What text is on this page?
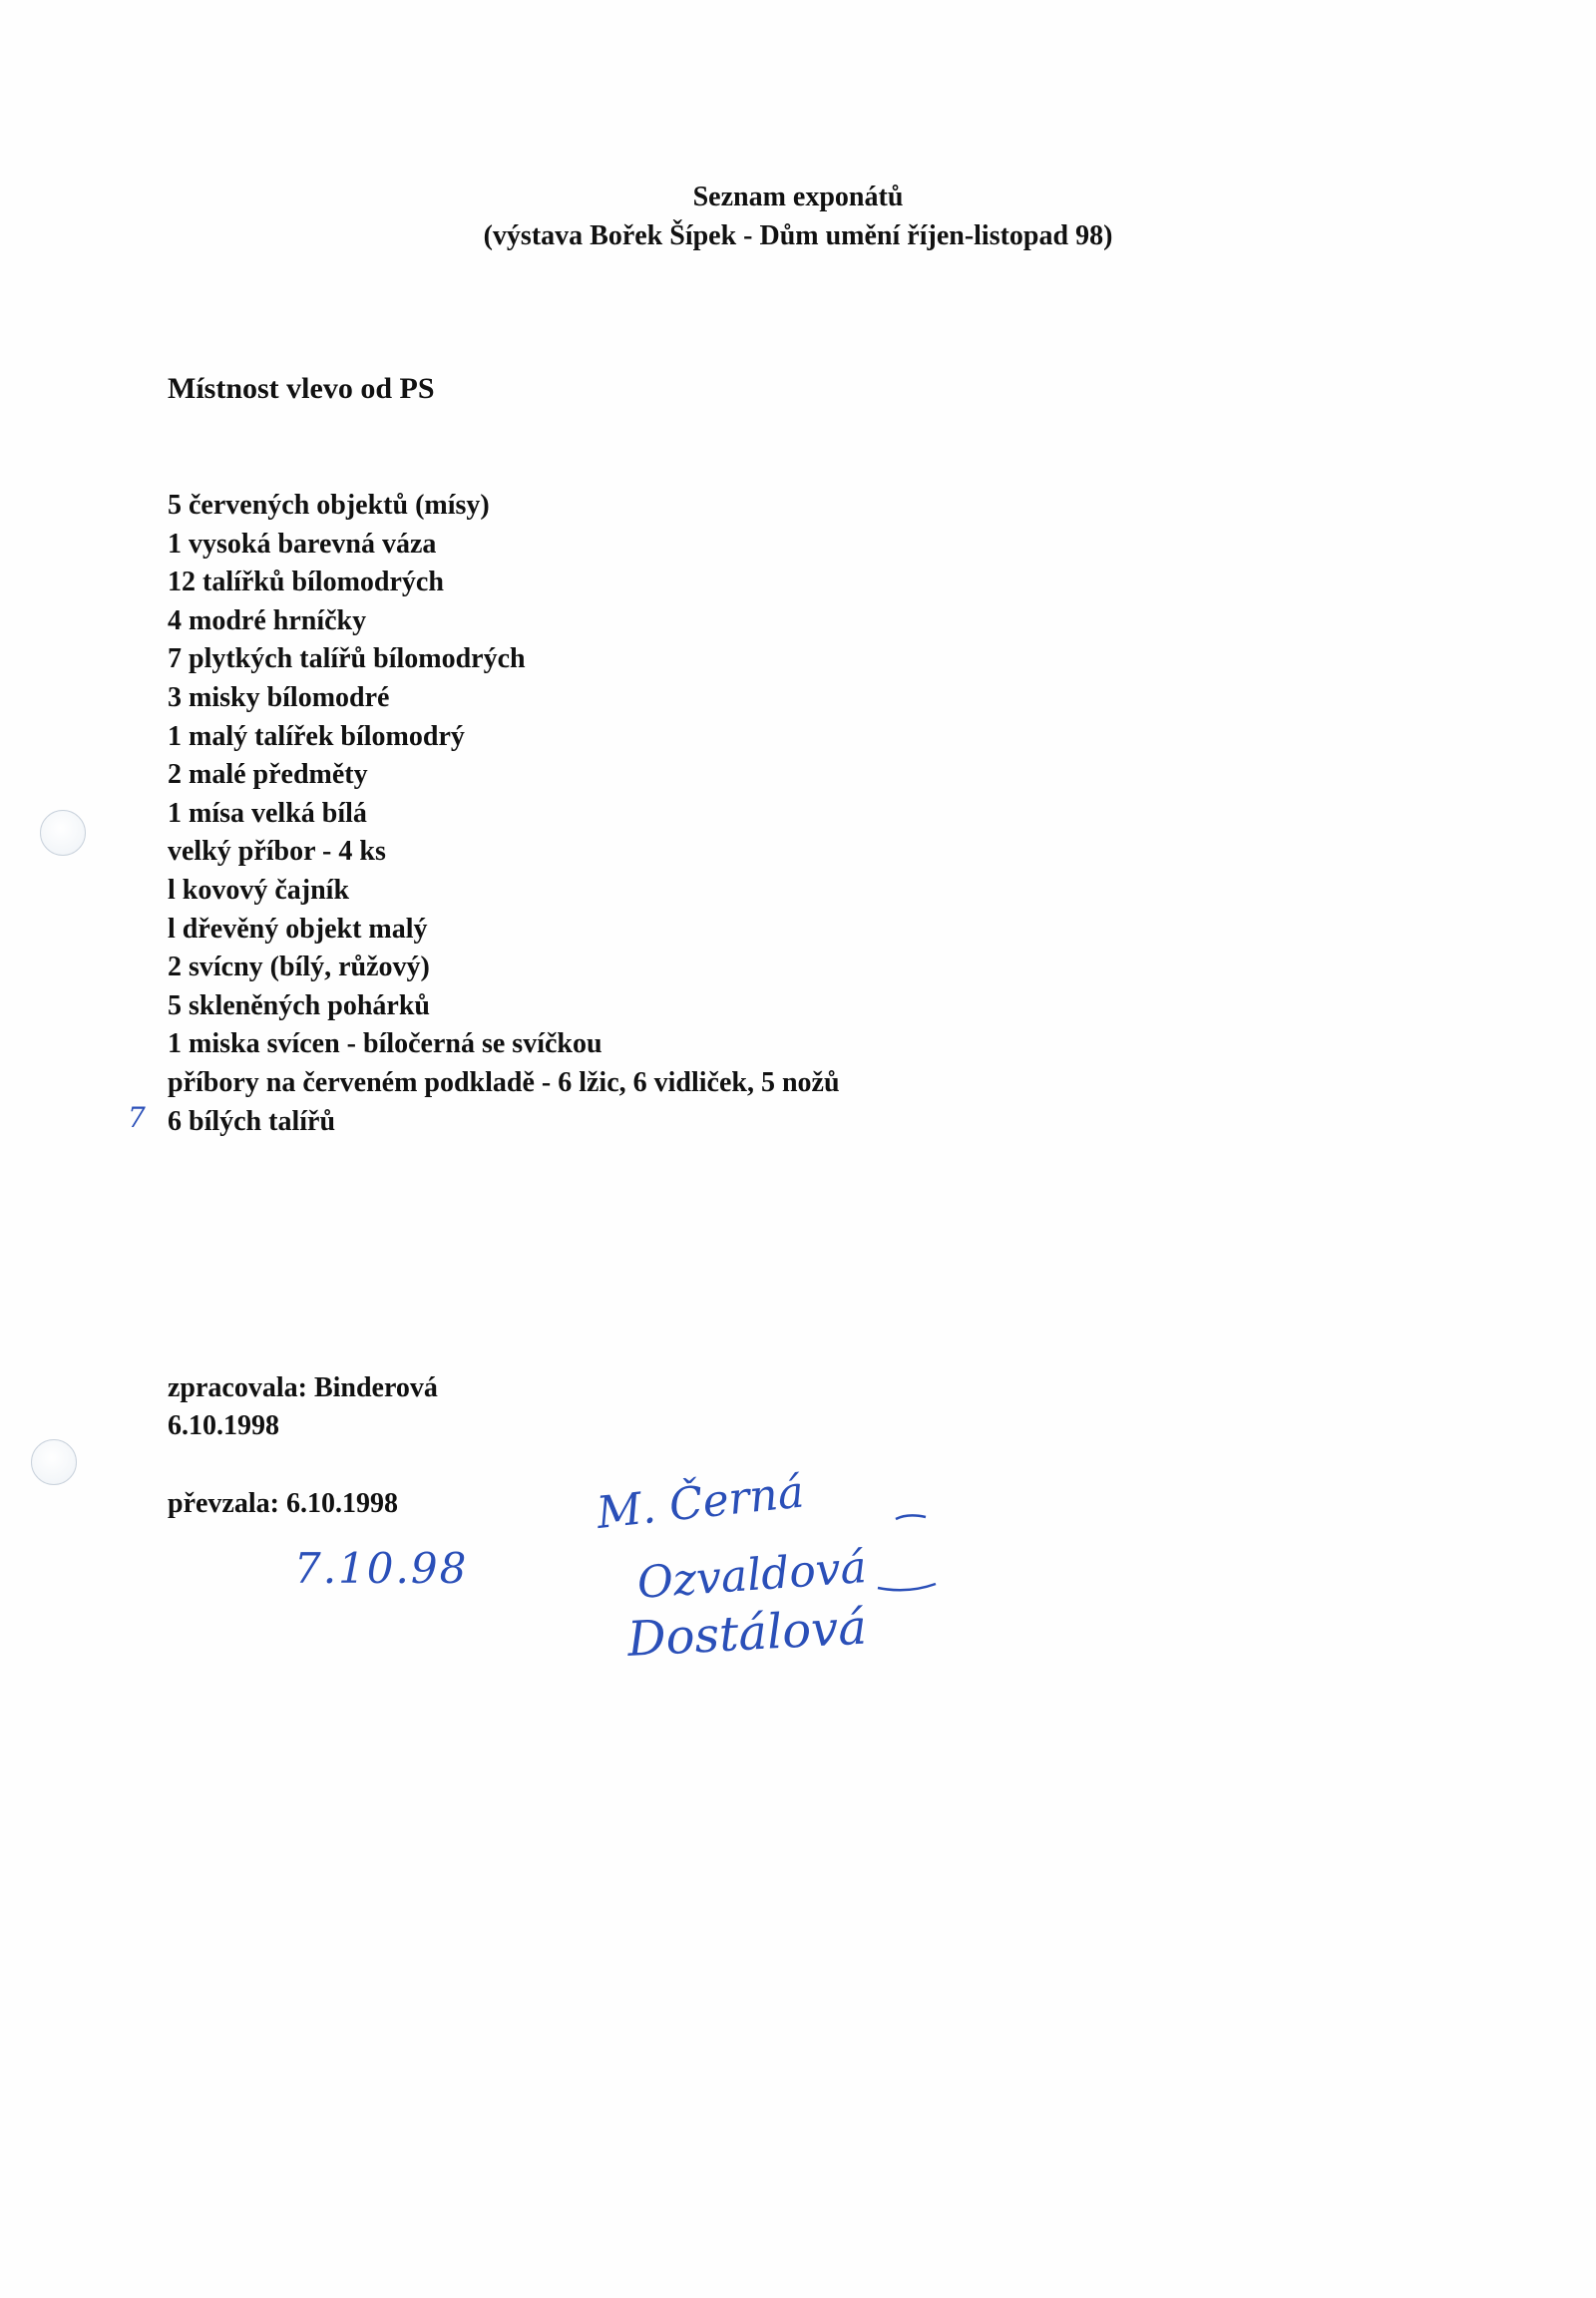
Seznam exponátů
(výstava Bořek Šípek - Dům umění říjen-listopad 98)
Místnost vlevo od PS
5 červených objektů (mísy)
1 vysoká barevná váza
12 talířků bílomodrých
4 modré hrníčky
7 plytkých talířů bílomodrých
3 misky bílomodré
1 malý talířek bílomodrý
2 malé předměty
1 mísa velká bílá
velký příbor - 4 ks
l kovový čajník
l dřevěný objekt malý
2 svícny (bílý, růžový)
5 skleněných pohárků
1 miska svícen - bíločerná se svíčkou
příbory na červeném podkladě - 6 lžic, 6 vidliček, 5 nožů
6 bílých talířů
zpracovala: Binderová
6.10.1998
převzala: 6.10.1998
7
7.10.98
M. Černá
Ozvaldová
Dostálová
